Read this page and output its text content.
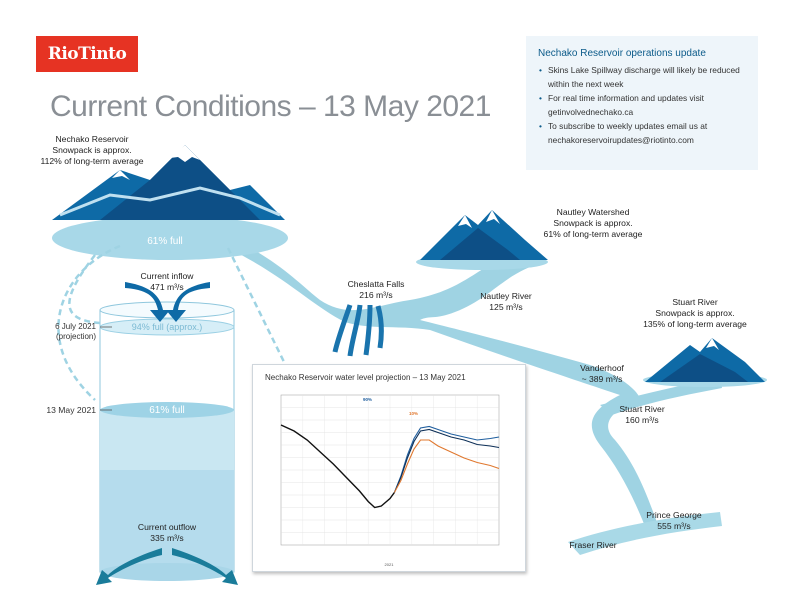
RioTinto
Current Conditions – 13 May 2021
Nechako Reservoir operations update
• Skins Lake Spillway discharge will likely be reduced within the next week
• For real time information and updates visit getinvolvednechako.ca
• To subscribe to weekly updates email us at nechakoreservoirupdates@riotinto.com
Nechako Reservoir
Snowpack is approx.
112% of long-term average
61% full
Current inflow
471 m³/s
6 July 2021
(projection)
94% full (approx.)
13 May 2021	61% full
Current outflow
335 m³/s
Cheslatta Falls
216 m³/s	Nautley River
125 m³/s
Nautley Watershed
Snowpack is approx.
61% of long-term average
Stuart River
Snowpack is approx.
135% of long-term average
Vanderhoof
~ 389 m³/s
Stuart River
160 m³/s
Prince George
555 m³/s
Fraser River
Nechako Reservoir water level projection – 13 May 2021
2021
90%
10%
